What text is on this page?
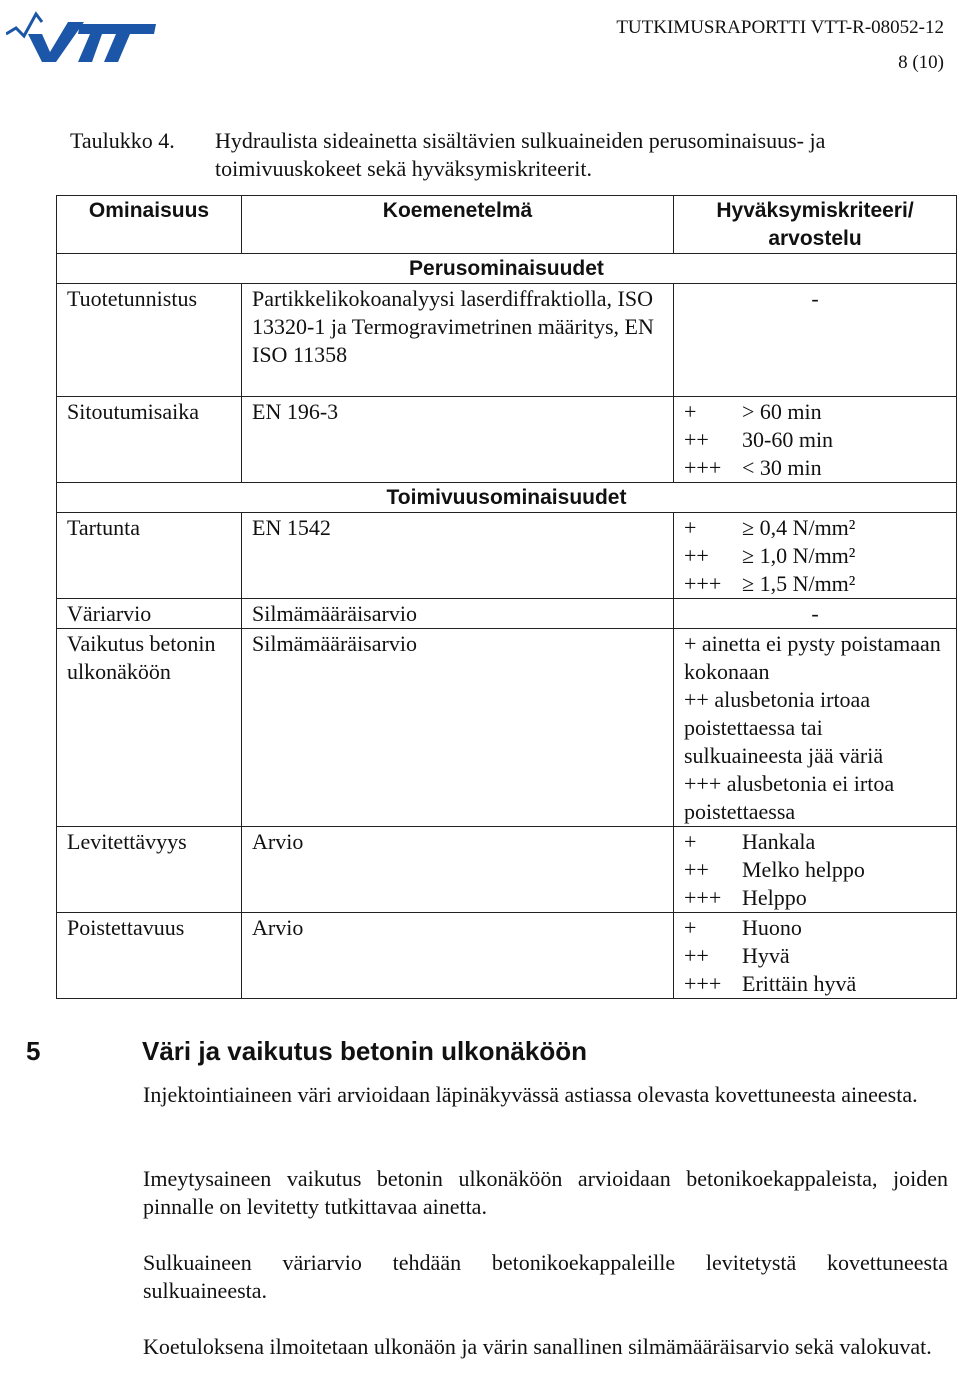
TUTKIMUSRAPORTTI VTT-R-08052-12
8 (10)
Taulukko 4. Hydraulista sideainetta sisältävien sulkuaineiden perusominaisuus- ja toimivuuskokeet sekä hyväksymiskriteerit.
Ominaisuus	Koemenetelmä	Hyväksymiskriteeri/ arvostelu
Perusominaisuudet		
Tuotetunnistus	Partikkelikokoanalyysi laserdiffraktiolla, ISO 13320-1 ja Termogravimetrinen määritys, EN ISO 11358	-
Sitoutumisaika	EN 196-3	+ > 60 min
++ 30-60 min
+++ < 30 min

Toimivuusominaisuudet		
Tartunta	EN 1542	+ ≥ 0,4 N/mm²
++ ≥ 1,0 N/mm²
+++ ≥ 1,5 N/mm²

Väriarvio	Silmämääräisarvio	-
Vaikutus betonin ulkonäköön	Silmämääräisarvio	+ ainetta ei pysty poistamaan kokonaan
++ alusbetonia irtoaa poistettaessa tai sulkuaineesta jää väriä
+++ alusbetonia ei irtoa poistettaessa

Levitettävyys	Arvio	+ Hankala
++ Melko helppo
+++ Helppo

Poistettavuus	Arvio	+ Huono
++ Hyvä
+++ Erittäin hyvä
5	Väri ja vaikutus betonin ulkonäköön

Injektointiaineen väri arvioidaan läpinäkyvässä astiassa olevasta kovettuneesta aineesta.

Imeytysaineen vaikutus betonin ulkonäköön arvioidaan betonikoekappaleista, joiden pinnalle on levitetty tutkittavaa ainetta.

Sulkuaineen väriarvio tehdään betonikoekappaleille levitetystä kovettuneesta sulkuaineesta.

Koetuloksena ilmoitetaan ulkonäön ja värin sanallinen silmämääräisarvio sekä valokuvat.
